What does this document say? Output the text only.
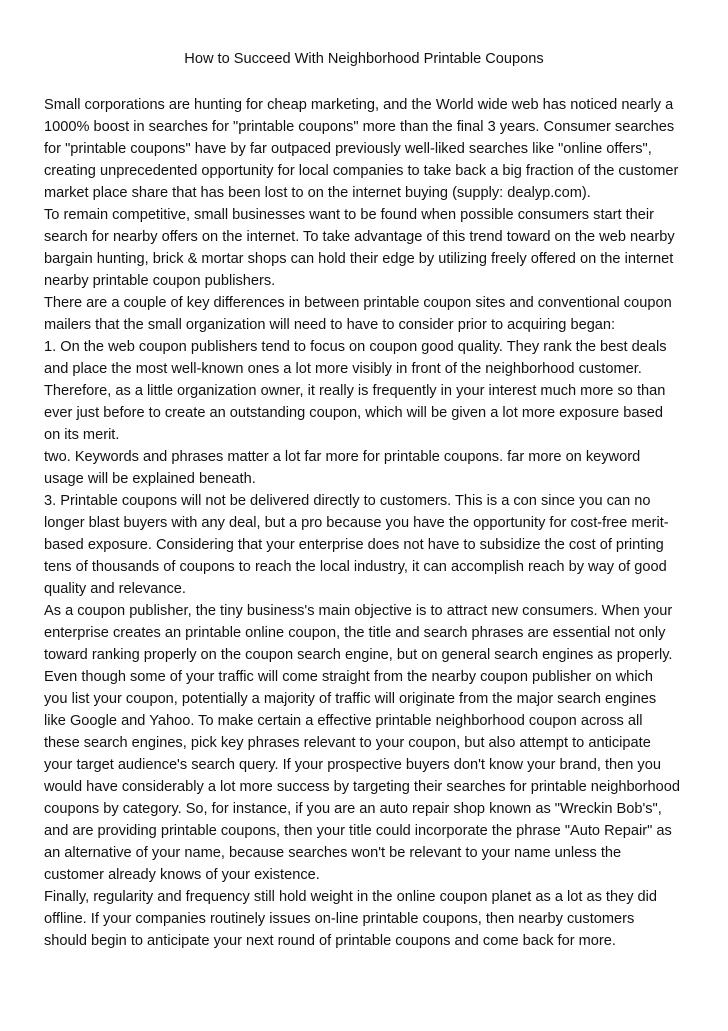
How to Succeed With Neighborhood Printable Coupons
Small corporations are hunting for cheap marketing, and the World wide web has noticed nearly a
1000% boost in searches for "printable coupons" more than the final 3 years. Consumer searches
for "printable coupons" have by far outpaced previously well-liked searches like "online offers",
creating unprecedented opportunity for local companies to take back a big fraction of the customer
market place share that has been lost to on the internet buying (supply: dealyp.com).
To remain competitive, small businesses want to be found when possible consumers start their
search for nearby offers on the internet. To take advantage of this trend toward on the web nearby
bargain hunting, brick & mortar shops can hold their edge by utilizing freely offered on the internet
nearby printable coupon publishers.
There are a couple of key differences in between printable coupon sites and conventional coupon
mailers that the small organization will need to have to consider prior to acquiring began:
1. On the web coupon publishers tend to focus on coupon good quality. They rank the best deals
and place the most well-known ones a lot more visibly in front of the neighborhood customer.
Therefore, as a little organization owner, it really is frequently in your interest much more so than
ever just before to create an outstanding coupon, which will be given a lot more exposure based
on its merit.
two. Keywords and phrases matter a lot far more for printable coupons. far more on keyword
usage will be explained beneath.
3. Printable coupons will not be delivered directly to customers. This is a con since you can no
longer blast buyers with any deal, but a pro because you have the opportunity for cost-free merit-
based exposure. Considering that your enterprise does not have to subsidize the cost of printing
tens of thousands of coupons to reach the local industry, it can accomplish reach by way of good
quality and relevance.
As a coupon publisher, the tiny business's main objective is to attract new consumers. When your
enterprise creates an printable online coupon, the title and search phrases are essential not only
toward ranking properly on the coupon search engine, but on general search engines as properly.
Even though some of your traffic will come straight from the nearby coupon publisher on which
you list your coupon, potentially a majority of traffic will originate from the major search engines
like Google and Yahoo. To make certain a effective printable neighborhood coupon across all
these search engines, pick key phrases relevant to your coupon, but also attempt to anticipate
your target audience's search query. If your prospective buyers don't know your brand, then you
would have considerably a lot more success by targeting their searches for printable neighborhood
coupons by category. So, for instance, if you are an auto repair shop known as "Wreckin Bob's",
and are providing printable coupons, then your title could incorporate the phrase "Auto Repair" as
an alternative of your name, because searches won't be relevant to your name unless the
customer already knows of your existence.
Finally, regularity and frequency still hold weight in the online coupon planet as a lot as they did
offline. If your companies routinely issues on-line printable coupons, then nearby customers
should begin to anticipate your next round of printable coupons and come back for more.
